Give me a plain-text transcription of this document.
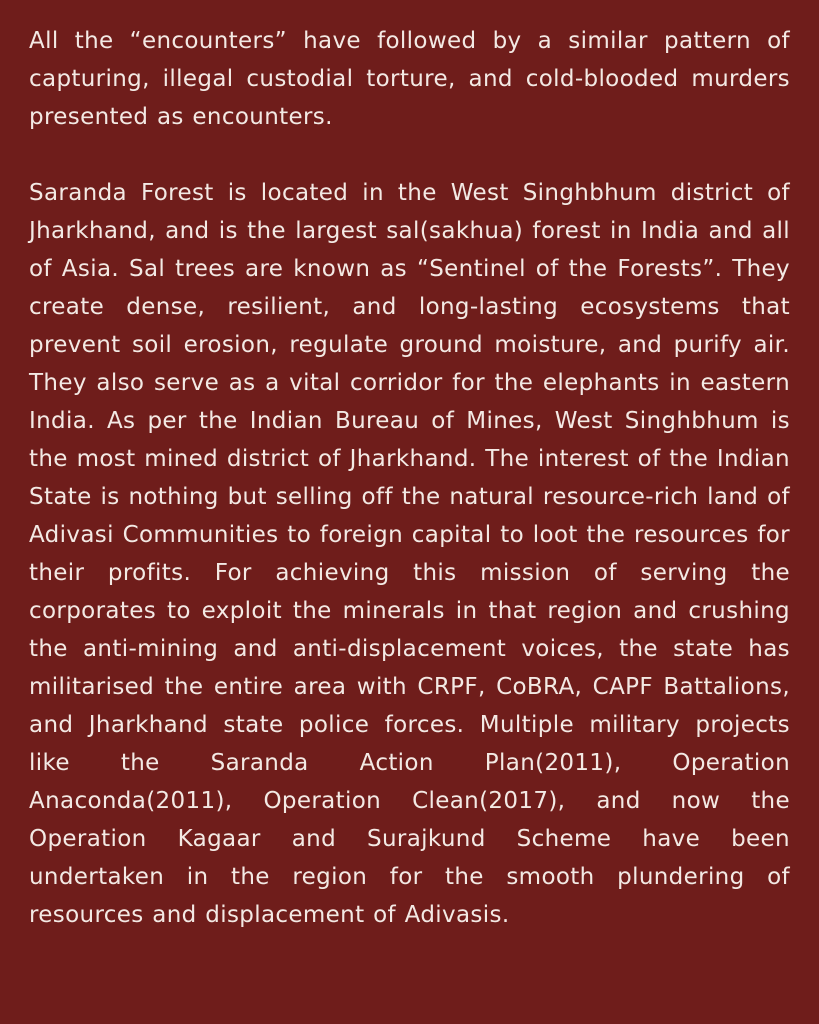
All the “encounters” have followed by a similar pattern of capturing, illegal custodial torture, and cold-blooded murders presented as encounters.

Saranda Forest is located in the West Singhbhum district of Jharkhand, and is the largest sal(sakhua) forest in India and all of Asia. Sal trees are known as “Sentinel of the Forests”. They create dense, resilient, and long-lasting ecosystems that prevent soil erosion, regulate ground moisture, and purify air. They also serve as a vital corridor for the elephants in eastern India. As per the Indian Bureau of Mines, West Singhbhum is the most mined district of Jharkhand. The interest of the Indian State is nothing but selling off the natural resource-rich land of Adivasi Communities to foreign capital to loot the resources for their profits. For achieving this mission of serving the corporates to exploit the minerals in that region and crushing the anti-mining and anti-displacement voices, the state has militarised the entire area with CRPF, CoBRA, CAPF Battalions, and Jharkhand state police forces. Multiple military projects like the Saranda Action Plan(2011), Operation Anaconda(2011), Operation Clean(2017), and now the Operation Kagaar and Surajkund Scheme have been undertaken in the region for the smooth plundering of resources and displacement of Adivasis.
